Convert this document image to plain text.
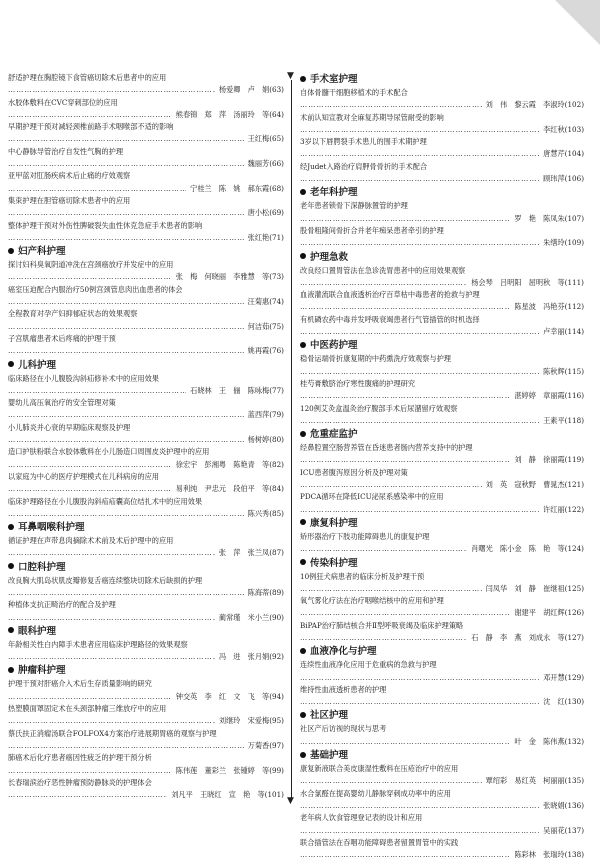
舒适护理在胸腔镜下食管癌切除术后患者中的应用
……………………………………………………………………………………………………………………
杨爱卿　卢　娟(63)
水胶体敷料在CVC穿刺部位的应用
……………………………………………………………………………………………………………………
熊春锦　郑　萍　汤丽玲　等(64)
早期护理干预对减轻颈椎前路手术咽喉部不适的影响
……………………………………………………………………………………………………………………
王红梅(65)
中心静脉导管治疗自发性气胸的护理
……………………………………………………………………………………………………………………
魏丽芳(66)
亚甲蓝对肛肠疾病术后止痛的疗效观察
……………………………………………………………………………………………………………………
宁桂兰　陈　姚　郝东霞(68)
集束护理在胆管癌切除术患者中的应用
……………………………………………………………………………………………………………………
唐小松(69)
整体护理干预对外伤性脾破裂失血性休克急症手术患者的影响
……………………………………………………………………………………………………………………
张红艳(71)
妇产科护理
探讨妇科臭氧阴道冲洗在宫颈癌放疗并发症中的应用
……………………………………………………………………………………………………………………
张　梅　何晓丽　李雅慧　等(73)
癌室压迫配合内服治疗50例宫颈管息肉出血患者的体会
……………………………………………………………………………………………………………………
汪菊惠(74)
全程教育对孕产妇抑郁症状态的效果观察
……………………………………………………………………………………………………………………
何洁茹(75)
子宫肌瘤患者术后疼痛的护理干预
……………………………………………………………………………………………………………………
姚再霞(76)
儿科护理
临床路径在小儿腹股沟斜疝修补术中的应用效果
……………………………………………………………………………………………………………………
石晓林　王　俪　陈咏梅(77)
婴幼儿高压氧治疗的安全管理对策
……………………………………………………………………………………………………………………
蓝西萍(79)
小儿肺炎并心衰的早期临床观察及护理
……………………………………………………………………………………………………………………
杨树婷(80)
造口护肤粉联合水胶体敷料在小儿肠造口周围皮炎护理中的应用
……………………………………………………………………………………………………………………
徐宏宇　彭湘粤　陈艳青　等(82)
以家庭为中心的医疗护理模式在儿科病房的应用
……………………………………………………………………………………………………………………
易利纯　尹忠元　段伯平　等(84)
临床护理路径在小儿腹股沟斜疝疝囊高位结扎术中的应用效果
……………………………………………………………………………………………………………………
陈兴秀(85)
耳鼻咽喉科护理
循证护理在声带息肉摘除术术前及术后护理中的应用
……………………………………………………………………………………………………………………
张　萍　张兰凤(87)
口腔科护理
改良胸大肌岛状肌皮瓣修复舌癌连续整块切除术后缺损的护理
……………………………………………………………………………………………………………………
陈海蒂(89)
种植体支抗正畸治疗的配合及护理
……………………………………………………………………………………………………………………
蔺常瑾　米小兰(90)
眼科护理
年龄相关性白内障手术患者应用临床护理路径的效果观察
……………………………………………………………………………………………………………………
冯　进　张月娟(92)
肿瘤科护理
护理干预对肝癌介入术后生存质量影响的研究
……………………………………………………………………………………………………………………
钟交英　李　红　文　飞　等(94)
热塑膜面罩固定术在头颈部肿瘤三维放疗中的应用
……………………………………………………………………………………………………………………
刘继玲　宋爱梅(95)
蔡氏扶正消瘤汤联合FOLFOX4方案治疗进展期胃癌的观察与护理
……………………………………………………………………………………………………………………
万菊香(97)
肺癌术后化疗患者癌因性疲乏的护理干预分析
……………………………………………………………………………………………………………………
陈伟莲　董彩兰　张锺婷　等(99)
长春瑞滨治疗恶性肿瘤预防静脉炎的护理体会
……………………………………………………………………………………………………………………
刘凡平　王晓红　宣　艳　等(101)
▼
▼
手术室护理
自体骨髓干细胞移植术的手术配合
……………………………………………………………………………………………………………………
刘　伟　黎云霞　李淑玲(102)
术前认知宣教对全麻复苏期导尿管耐受的影响
……………………………………………………………………………………………………………………
李红秋(103)
3岁以下唇腭裂手术患儿的围手术期护理
……………………………………………………………………………………………………………………
唐慧芹(104)
经Judet入路治疗肩胛骨骨折的手术配合
……………………………………………………………………………………………………………………
顾玮萍(106)
老年科护理
老年患者锁骨下深静脉置管的护理
……………………………………………………………………………………………………………………
罗　艳　陈凤朱(107)
股骨粗隆间骨折合并老年痴呆患者牵引的护理
……………………………………………………………………………………………………………………
朱缮玲(109)
护理急救
改良经口置胃管法在急诊洗胃患者中的应用效果观察
……………………………………………………………………………………………………………………
杨会琴　吕明阳　屈明秋　等(111)
血液灌流联合血液透析治疗百草枯中毒患者的抢救与护理
……………………………………………………………………………………………………………………
陈星波　冯艳芬(112)
有机磷农药中毒并发呼吸衰竭患者行气管插管的时机选择
……………………………………………………………………………………………………………………
卢幸丽(114)
中医药护理
稳骨运端骨折康复期的中药熏洗疗效观察与护理
……………………………………………………………………………………………………………………
陈秋辉(115)
桂芍膏敷脐治疗寒性腹痛的护理研究
……………………………………………………………………………………………………………………
湛婷婷　章丽霞(116)
120例艾灸盒温灸治疗腹部手术后尿潴留疗效观察
……………………………………………………………………………………………………………………
王素平(118)
危重症监护
经鼻腔置空肠营养管在昏迷患者肠内营养支持中的护理
……………………………………………………………………………………………………………………
刘　静　徐丽霞(119)
ICU患者腹泻原因分析及护理对策
……………………………………………………………………………………………………………………
刘　英　寇秋野　曹晁杰(121)
PDCA循环在降低ICU泌尿系感染率中的应用
……………………………………………………………………………………………………………………
许红丽(122)
康复科护理
矫形器治疗下肢功能障碍患儿的康复护理
……………………………………………………………………………………………………………………
肖曙光　陈小金　陈　艳　等(124)
传染科护理
10例狂犬病患者的临床分析及护理干预
……………………………………………………………………………………………………………………
闫凤华　刘　静　崔继祖(125)
氧气雾化疗法在治疗咽喉结核中的应用和护理
……………………………………………………………………………………………………………………
谢建平　胡红辉(126)
BiPAP治疗肺结核合并Ⅱ型呼吸衰竭及临床护理策略
……………………………………………………………………………………………………………………
石　静　李　燕　刘成永　等(127)
血液净化与护理
连续性血液净化应用于危重病的急救与护理
……………………………………………………………………………………………………………………
邓开慧(129)
维持性血液透析患者的护理
……………………………………………………………………………………………………………………
沈　红(130)
社区护理
社区产后访视的现状与思考
……………………………………………………………………………………………………………………
叶　金　陈伟燕(132)
基础护理
康复新液联合美皮康湿性敷料在压疮治疗中的应用
……………………………………………………………………………………………………………………
覃绍彩　易红英　柯丽丽(135)
水合氯醛在提高婴幼儿静脉穿刺成功率中的应用
……………………………………………………………………………………………………………………
张晓娟(136)
老年病人饮食管理登记表的设计和应用
……………………………………………………………………………………………………………………
吴丽花(137)
联合插管法在吞咽功能障碍患者留置胃管中的实践
……………………………………………………………………………………………………………………
陈彩林　张瑞玲(138)
